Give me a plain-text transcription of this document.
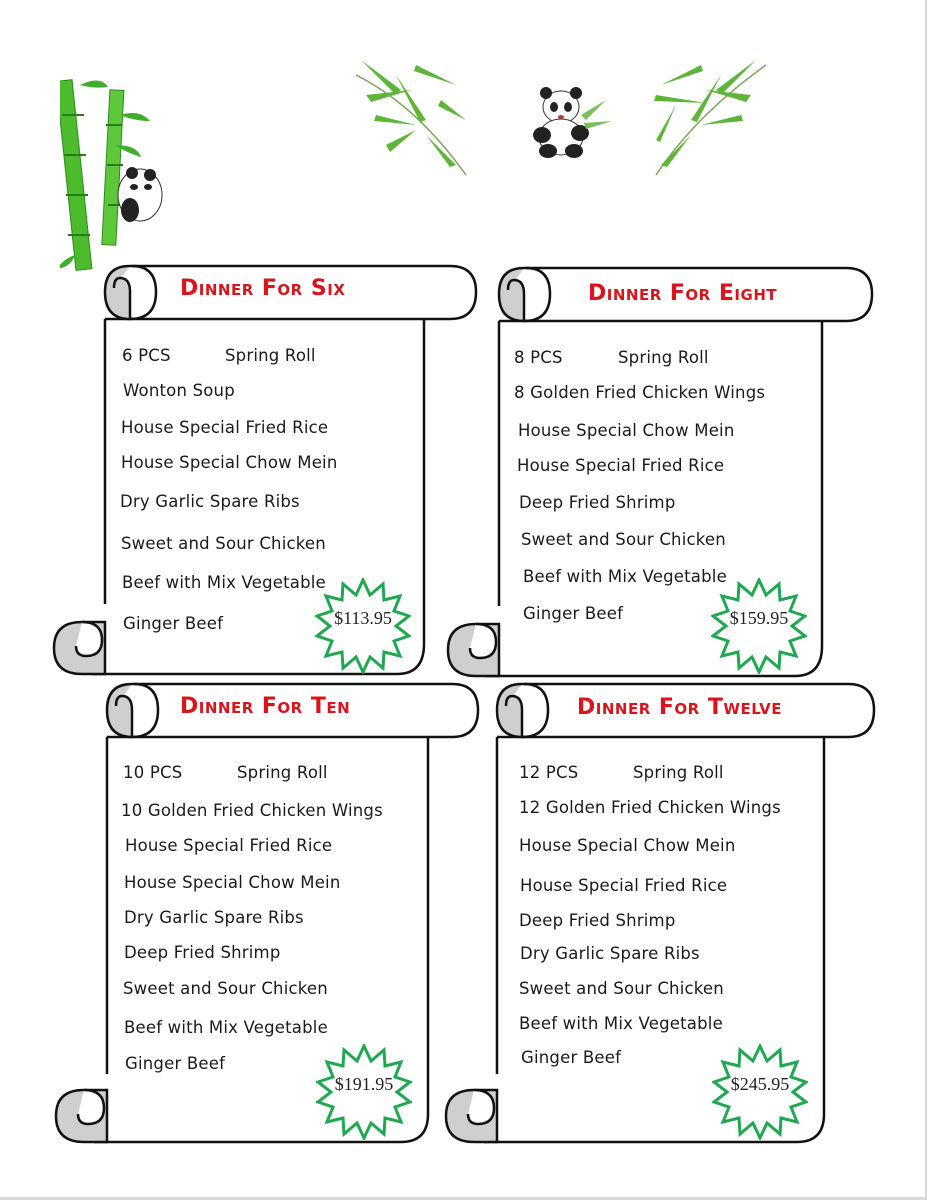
Dinner For Six
6 PCS	Spring Roll
Wonton Soup
House Special Fried Rice
House Special Chow Mein
Dry Garlic Spare Ribs
Sweet and Sour Chicken
Beef with Mix Vegetable
Ginger Beef	$113.95
Dinner For Eight
8 PCS	Spring Roll
8 Golden Fried Chicken Wings
House Special Chow Mein
House Special Fried Rice
Deep Fried Shrimp
Sweet and Sour Chicken
Beef with Mix Vegetable
Ginger Beef	$159.95
Dinner For Ten
10 PCS	Spring Roll
10 Golden Fried Chicken Wings
House Special Fried Rice
House Special Chow Mein
Dry Garlic Spare Ribs
Deep Fried Shrimp
Sweet and Sour Chicken
Beef with Mix Vegetable
Ginger Beef
$191.95
Dinner For Twelve
12 PCS	Spring Roll
12 Golden Fried Chicken Wings
House Special Chow Mein
House Special Fried Rice
Deep Fried Shrimp
Dry Garlic Spare Ribs
Sweet and Sour Chicken
Beef with Mix Vegetable
Ginger Beef
$245.95
